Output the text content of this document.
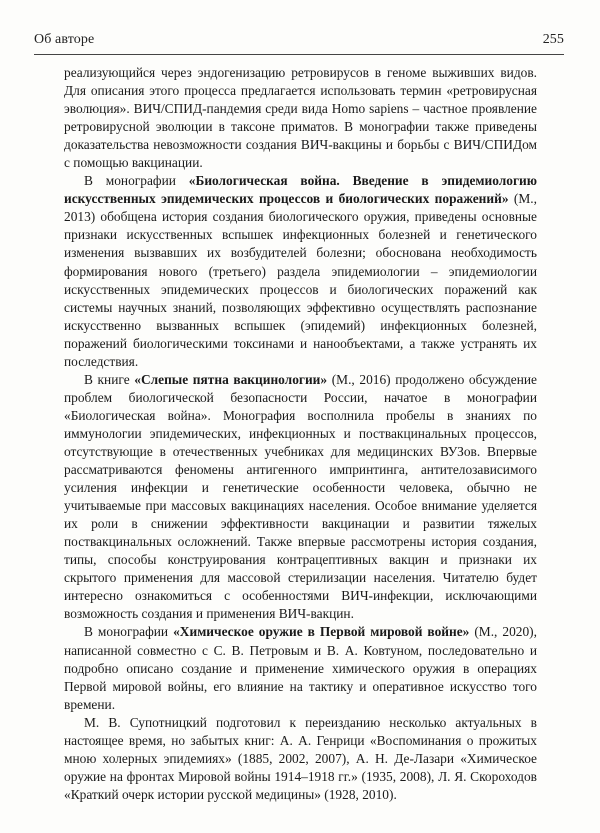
Об авторе	255

реализующийся через эндогенизацию ретровирусов в геноме выживших видов. Для описания этого процесса предлагается использовать термин «ретровирусная эволюция». ВИЧ/СПИД-пандемия среди вида Homo sapiens – частное проявление ретровирусной эволюции в таксоне приматов. В монографии также приведены доказательства невозможности создания ВИЧ-вакцины и борьбы с ВИЧ/СПИДом с помощью вакцинации.

В монографии «Биологическая война. Введение в эпидемиологию искусственных эпидемических процессов и биологических поражений» (М., 2013) обобщена история создания биологического оружия, приведены основные признаки искусственных вспышек инфекционных болезней и генетического изменения вызвавших их возбудителей болезни; обоснована необходимость формирования нового (третьего) раздела эпидемиологии – эпидемиологии искусственных эпидемических процессов и биологических поражений как системы научных знаний, позволяющих эффективно осуществлять распознание искусственно вызванных вспышек (эпидемий) инфекционных болезней, поражений биологическими токсинами и нанообъектами, а также устранять их последствия.

В книге «Слепые пятна вакцинологии» (М., 2016) продолжено обсуждение проблем биологической безопасности России, начатое в монографии «Биологическая война». Монография восполнила пробелы в знаниях по иммунологии эпидемических, инфекционных и поствакцинальных процессов, отсутствующие в отечественных учебниках для медицинских ВУЗов. Впервые рассматриваются феномены антигенного импринтинга, антителозависимого усиления инфекции и генетические особенности человека, обычно не учитываемые при массовых вакцинациях населения. Особое внимание уделяется их роли в снижении эффективности вакцинации и развитии тяжелых поствакцинальных осложнений. Также впервые рассмотрены история создания, типы, способы конструирования контрацептивных вакцин и признаки их скрытого применения для массовой стерилизации населения. Читателю будет интересно ознакомиться с особенностями ВИЧ-инфекции, исключающими возможность создания и применения ВИЧ-вакцин.

В монографии «Химическое оружие в Первой мировой войне» (М., 2020), написанной совместно с С. В. Петровым и В. А. Ковтуном, последовательно и подробно описано создание и применение химического оружия в операциях Первой мировой войны, его влияние на тактику и оперативное искусство того времени.

М. В. Супотницкий подготовил к переизданию несколько актуальных в настоящее время, но забытых книг: А. А. Генрици «Воспоминания о прожитых мною холерных эпидемиях» (1885, 2002, 2007), А. Н. Де-Лазари «Химическое оружие на фронтах Мировой войны 1914–1918 гг.» (1935, 2008), Л. Я. Скороходов «Краткий очерк истории русской медицины» (1928, 2010).
